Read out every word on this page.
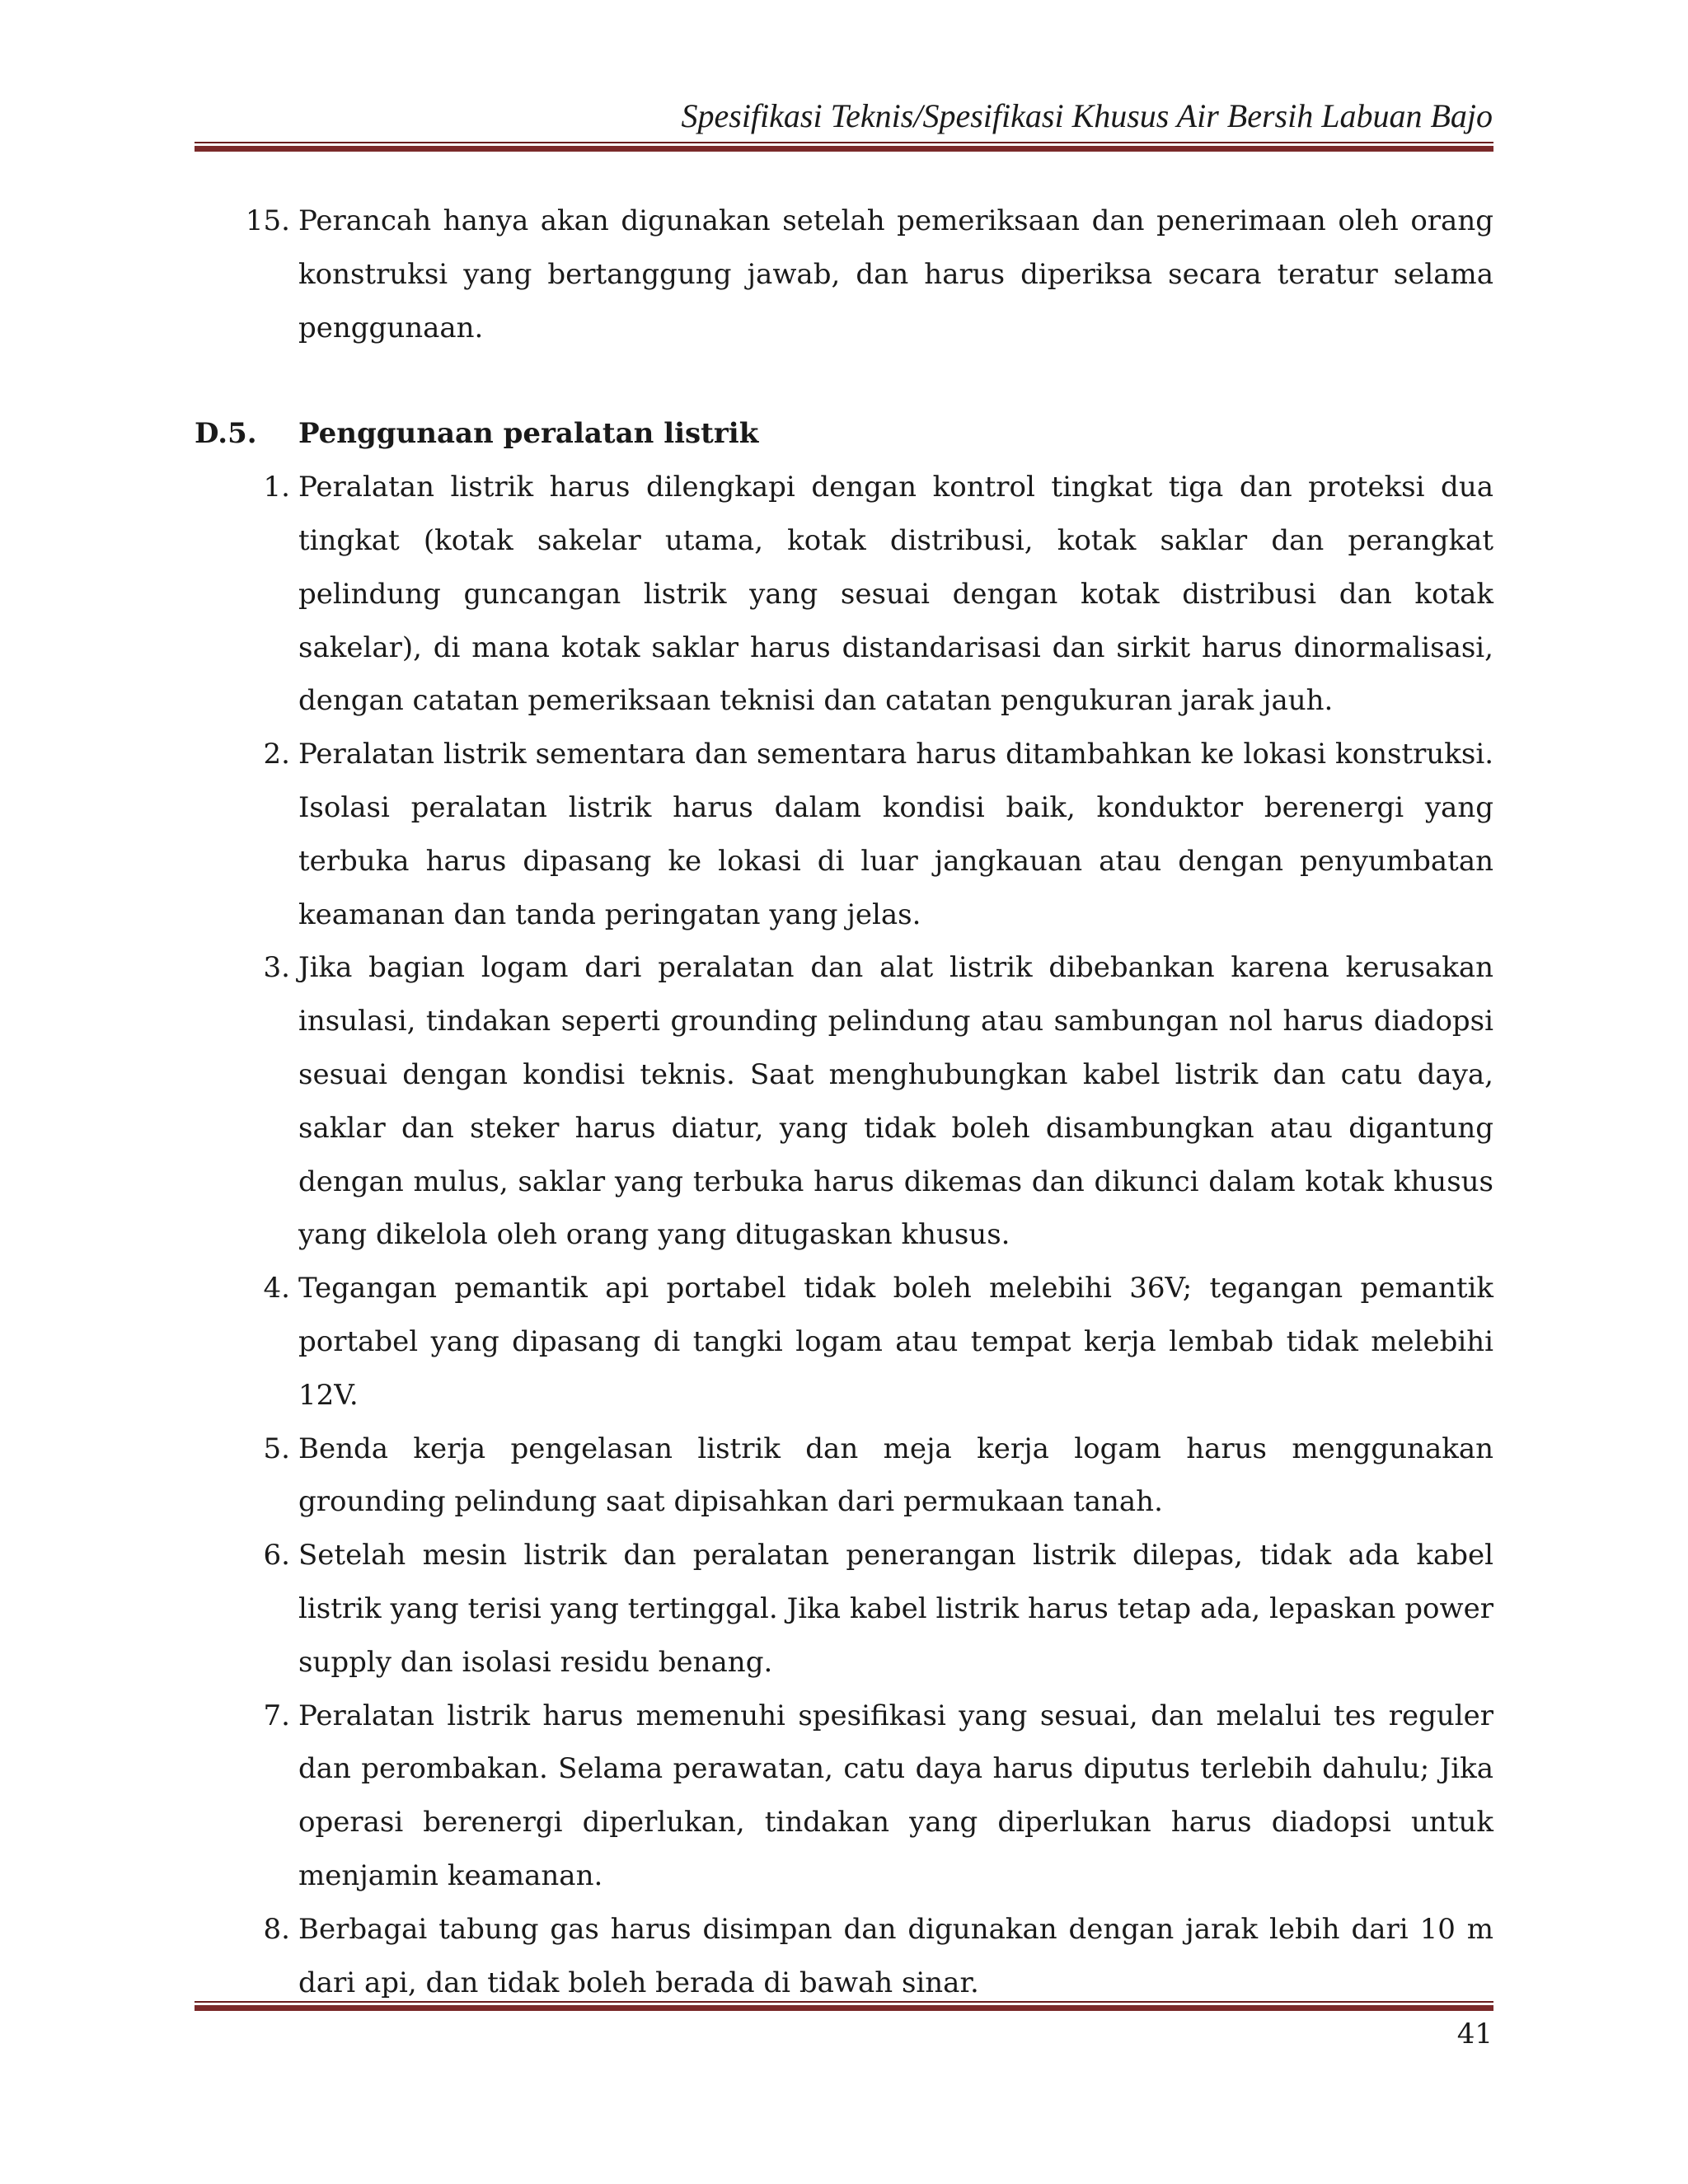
Spesifikasi Teknis/Spesifikasi Khusus Air Bersih Labuan Bajo
15. Perancah hanya akan digunakan setelah pemeriksaan dan penerimaan oleh orang konstruksi yang bertanggung jawab, dan harus diperiksa secara teratur selama penggunaan.
D.5.	Penggunaan peralatan listrik
1. Peralatan listrik harus dilengkapi dengan kontrol tingkat tiga dan proteksi dua tingkat (kotak sakelar utama, kotak distribusi, kotak saklar dan perangkat pelindung guncangan listrik yang sesuai dengan kotak distribusi dan kotak sakelar), di mana kotak saklar harus distandarisasi dan sirkit harus dinormalisasi, dengan catatan pemeriksaan teknisi dan catatan pengukuran jarak jauh.
2. Peralatan listrik sementara dan sementara harus ditambahkan ke lokasi konstruksi. Isolasi peralatan listrik harus dalam kondisi baik, konduktor berenergi yang terbuka harus dipasang ke lokasi di luar jangkauan atau dengan penyumbatan keamanan dan tanda peringatan yang jelas.
3. Jika bagian logam dari peralatan dan alat listrik dibebankan karena kerusakan insulasi, tindakan seperti grounding pelindung atau sambungan nol harus diadopsi sesuai dengan kondisi teknis. Saat menghubungkan kabel listrik dan catu daya, saklar dan steker harus diatur, yang tidak boleh disambungkan atau digantung dengan mulus, saklar yang terbuka harus dikemas dan dikunci dalam kotak khusus yang dikelola oleh orang yang ditugaskan khusus.
4. Tegangan pemantik api portabel tidak boleh melebihi 36V; tegangan pemantik portabel yang dipasang di tangki logam atau tempat kerja lembab tidak melebihi 12V.
5. Benda kerja pengelasan listrik dan meja kerja logam harus menggunakan grounding pelindung saat dipisahkan dari permukaan tanah.
6. Setelah mesin listrik dan peralatan penerangan listrik dilepas, tidak ada kabel listrik yang terisi yang tertinggal. Jika kabel listrik harus tetap ada, lepaskan power supply dan isolasi residu benang.
7. Peralatan listrik harus memenuhi spesifikasi yang sesuai, dan melalui tes reguler dan perombakan. Selama perawatan, catu daya harus diputus terlebih dahulu; Jika operasi berenergi diperlukan, tindakan yang diperlukan harus diadopsi untuk menjamin keamanan.
8. Berbagai tabung gas harus disimpan dan digunakan dengan jarak lebih dari 10 m dari api, dan tidak boleh berada di bawah sinar.
41
